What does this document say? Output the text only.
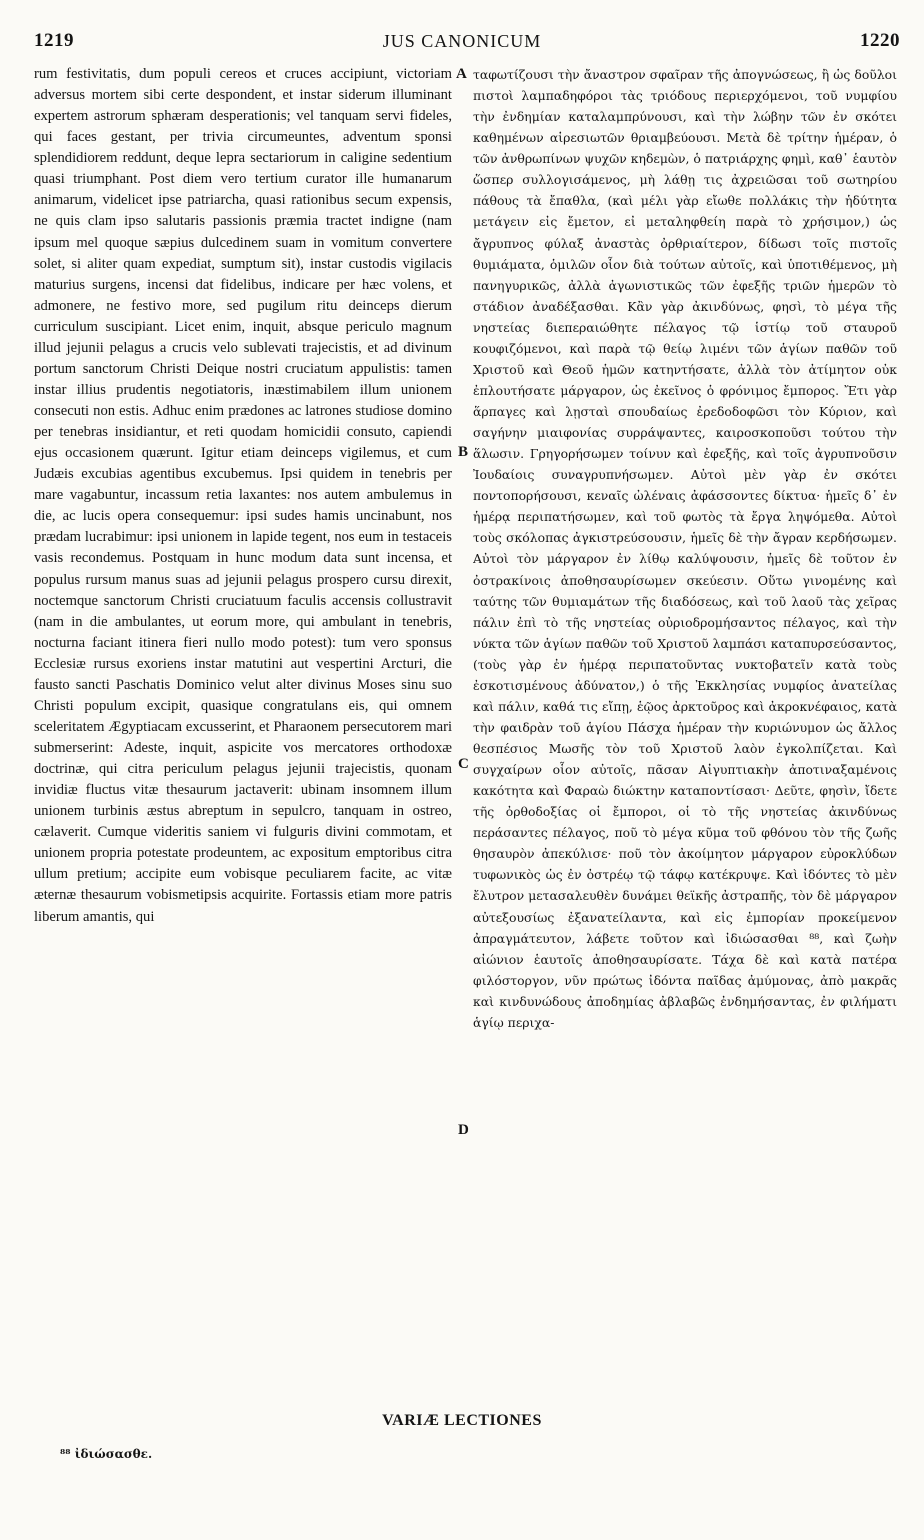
1219	JUS CANONICUM	1220

rum festivitatis, dum populi cereos et cruces accipiunt, victoriam adversus mortem sibi certe despondent, et instar siderum illuminant expertem astrorum sphæram desperationis; vel tanquam servi fideles, qui faces gestant, per trivia circumeuntes, adventum sponsi splendidiorem reddunt, deque lepra sectariorum in caligine sedentium quasi triumphant. Post diem vero tertium curator ille humanarum animarum, videlicet ipse patriarcha, quasi rationibus secum expensis, ne quis clam ipso salutaris passionis præmia tractet indigne (nam ipsum mel quoque sæpius dulcedinem suam in vomitum convertere solet, si aliter quam expediat, sumptum sit), instar custodis vigilacis maturius surgens, incensi dat fidelibus, indicare per hæc volens, et admonere, ne festivo more, sed pugilum ritu deinceps dierum curriculum suscipiant. Licet enim, inquit, absque periculo magnum illud jejunii pelagus a crucis velo sublevati trajecistis, et ad divinum portum sanctorum Christi Deique nostri cruciatum appulistis: tamen instar illius prudentis negotiatoris, inæstimabilem illum unionem consecuti non estis. Adhuc enim prædones ac latrones studiose domino per tenebras insidiantur, et reti quodam homicidii consuto, capiendi ejus occasionem quærunt. Igitur etiam deinceps vigilemus, et cum Judæis excubias agentibus excubemus. Ipsi quidem in tenebris per mare vagabuntur, incassum retia laxantes: nos autem ambulemus in die, ac lucis opera consequemur: ipsi sudes hamis uncinabunt, nos prædam lucrabimur: ipsi unionem in lapide tegent, nos eum in testaceis vasis recondemus. Postquam in hunc modum data sunt incensa, et populus rursum manus suas ad jejunii pelagus prospero cursu direxit, noctemque sanctorum Christi cruciatuum faculis accensis collustravit (nam in die ambulantes, ut eorum more, qui ambulant in tenebris, nocturna faciant itinera fieri nullo modo potest): tum vero sponsus Ecclesiæ rursus exoriens instar matutini aut vespertini Arcturi, die fausto sancti Paschatis Dominico velut alter divinus Moses sinu suo Christi populum excipit, quasique congratulans eis, qui omnem sceleritatem Ægyptiacam excusserint, et Pharaonem persecutorem mari submerserint: Adeste, inquit, aspicite vos mercatores orthodoxæ doctrinæ, qui citra periculum pelagus jejunii trajecistis, quonam invidiæ fluctus vitæ thesaurum jactaverit: ubinam insomnem illum unionem turbinis æstus abreptum in sepulcro, tanquam in ostreo, cælaverit. Cumque videritis saniem vi fulguris divini commotam, et unionem propria potestate prodeuntem, ac expositum emptoribus citra ullum pretium; accipite eum vobisque peculiarem facite, ac vitæ æternæ thesaurum vobismetipsis acquirite. Fortassis etiam more patris liberum amantis, qui

A
B
C
D

ταφωτίζουσι τὴν ἄναστρον σφαῖραν τῆς ἀπογνώσεως, ἢ ὡς δοῦλοι πιστοὶ λαμπαδηφόροι τὰς τριόδους περιερχόμενοι, τοῦ νυμφίου τὴν ἐνδημίαν καταλαμπρύνουσι, καὶ τὴν λώβην τῶν ἐν σκότει καθημένων αἱρεσιωτῶν θριαμβεύουσι. Μετὰ δὲ τρίτην ἡμέραν, ὁ τῶν ἀνθρωπίνων ψυχῶν κηδεμὼν, ὁ πατριάρχης φημὶ, καθ᾽ ἑαυτὸν ὥσπερ συλλογισάμενος, μὴ λάθῃ τις ἀχρειῶσαι τοῦ σωτηρίου πάθους τὰ ἔπαθλα, (καὶ μέλι γὰρ εἴωθε πολλάκις τὴν ἡδύτητα μετάγειν εἰς ἔμετον, εἰ μεταληφθείη παρὰ τὸ χρήσιμον,) ὡς ἄγρυπνος φύλαξ ἀναστὰς ὀρθριαίτερον, δίδωσι τοῖς πιστοῖς θυμιάματα, ὁμιλῶν οἷον διὰ τούτων αὐτοῖς, καὶ ὑποτιθέμενος, μὴ πανηγυρικῶς, ἀλλὰ ἀγωνιστικῶς τῶν ἐφεξῆς τριῶν ἡμερῶν τὸ στάδιον ἀναδέξασθαι. Κἂν γὰρ ἀκινδύνως, φησὶ, τὸ μέγα τῆς νηστείας διεπεραιώθητε πέλαγος τῷ ἱστίῳ τοῦ σταυροῦ κουφιζόμενοι, καὶ παρὰ τῷ θείῳ λιμένι τῶν ἁγίων παθῶν τοῦ Χριστοῦ καὶ Θεοῦ ἡμῶν κατηντήσατε, ἀλλὰ τὸν ἀτίμητον οὐκ ἐπλουτήσατε μάργαρον, ὡς ἐκεῖνος ὁ φρόνιμος ἔμπορος. Ἔτι γὰρ ἅρπαγες καὶ λῃσταὶ σπουδαίως ἐρεδοδοφῶσι τὸν Κύριον, καὶ σαγήνην μιαιφονίας συρράψαντες, καιροσκοποῦσι τούτου τὴν ἅλωσιν. Γρηγορήσωμεν τοίνυν καὶ ἐφεξῆς, καὶ τοῖς ἀγρυπνοῦσιν Ἰουδαίοις συναγρυπνήσωμεν. Αὐτοὶ μὲν γὰρ ἐν σκότει ποντοπορήσουσι, κεναῖς ὠλέναις ἀφάσσοντες δίκτυα· ἡμεῖς δ᾽ ἐν ἡμέρᾳ περιπατήσωμεν, καὶ τοῦ φωτὸς τὰ ἔργα ληψόμεθα. Αὐτοὶ τοὺς σκόλοπας ἀγκιστρεύσουσιν, ἡμεῖς δὲ τὴν ἄγραν κερδήσωμεν. Αὐτοὶ τὸν μάργαρον ἐν λίθῳ καλύψουσιν, ἡμεῖς δὲ τοῦτον ἐν ὀστρακίνοις ἀποθησαυρίσωμεν σκεύεσιν. Οὕτω γινομένης καὶ ταύτης τῶν θυμιαμάτων τῆς διαδόσεως, καὶ τοῦ λαοῦ τὰς χεῖρας πάλιν ἐπὶ τὸ τῆς νηστείας οὐριοδρομήσαντος πέλαγος, καὶ τὴν νύκτα τῶν ἁγίων παθῶν τοῦ Χριστοῦ λαμπάσι καταπυρσεύσαντος, (τοὺς γὰρ ἐν ἡμέρᾳ περιπατοῦντας νυκτοβατεῖν κατὰ τοὺς ἐσκοτισμένους ἀδύνατον,) ὁ τῆς Ἐκκλησίας νυμφίος ἀνατείλας καὶ πάλιν, καθά τις εἴπῃ, ἑῷος ἀρκτοῦρος καὶ ἀκροκνέφαιος, κατὰ τὴν φαιδρὰν τοῦ ἁγίου Πάσχα ἡμέραν τὴν κυριώνυμον ὡς ἄλλος θεσπέσιος Μωσῆς τὸν τοῦ Χριστοῦ λαὸν ἐγκολπίζεται. Καὶ συγχαίρων οἷον αὐτοῖς, πᾶσαν Αἰγυπτιακὴν ἀποτιναξαμένοις κακότητα καὶ Φαραὼ διώκτην καταποντίσασι· Δεῦτε, φησὶν, ἴδετε τῆς ὀρθοδοξίας οἱ ἔμποροι, οἱ τὸ τῆς νηστείας ἀκινδύνως περάσαντες πέλαγος, ποῦ τὸ μέγα κῦμα τοῦ φθόνου τὸν τῆς ζωῆς θησαυρὸν ἀπεκύλισε· ποῦ τὸν ἀκοίμητον μάργαρον εὐροκλύδων τυφωνικὸς ὡς ἐν ὀστρέῳ τῷ τάφῳ κατέκρυψε. Καὶ ἰδόντες τὸ μὲν ἔλυτρον μετασαλευθὲν δυνάμει θεϊκῆς ἀστραπῆς, τὸν δὲ μάργαρον αὐτεξουσίως ἐξανατείλαντα, καὶ εἰς ἐμπορίαν προκείμενον ἀπραγμάτευτον, λάβετε τοῦτον καὶ ἰδιώσασθαι ⁸⁸, καὶ ζωὴν αἰώνιον ἑαυτοῖς ἀποθησαυρίσατε. Τάχα δὲ καὶ κατὰ πατέρα φιλόστοργον, νῦν πρώτως ἰδόντα παῖδας ἀμύμονας, ἀπὸ μακρᾶς καὶ κινδυνώδους ἀποδημίας ἀβλαβῶς ἐνδημήσαντας, ἐν φιλήματι ἁγίῳ περιχα-

VARIÆ LECTIONES
⁸⁸ ἰδιώσασθε.
